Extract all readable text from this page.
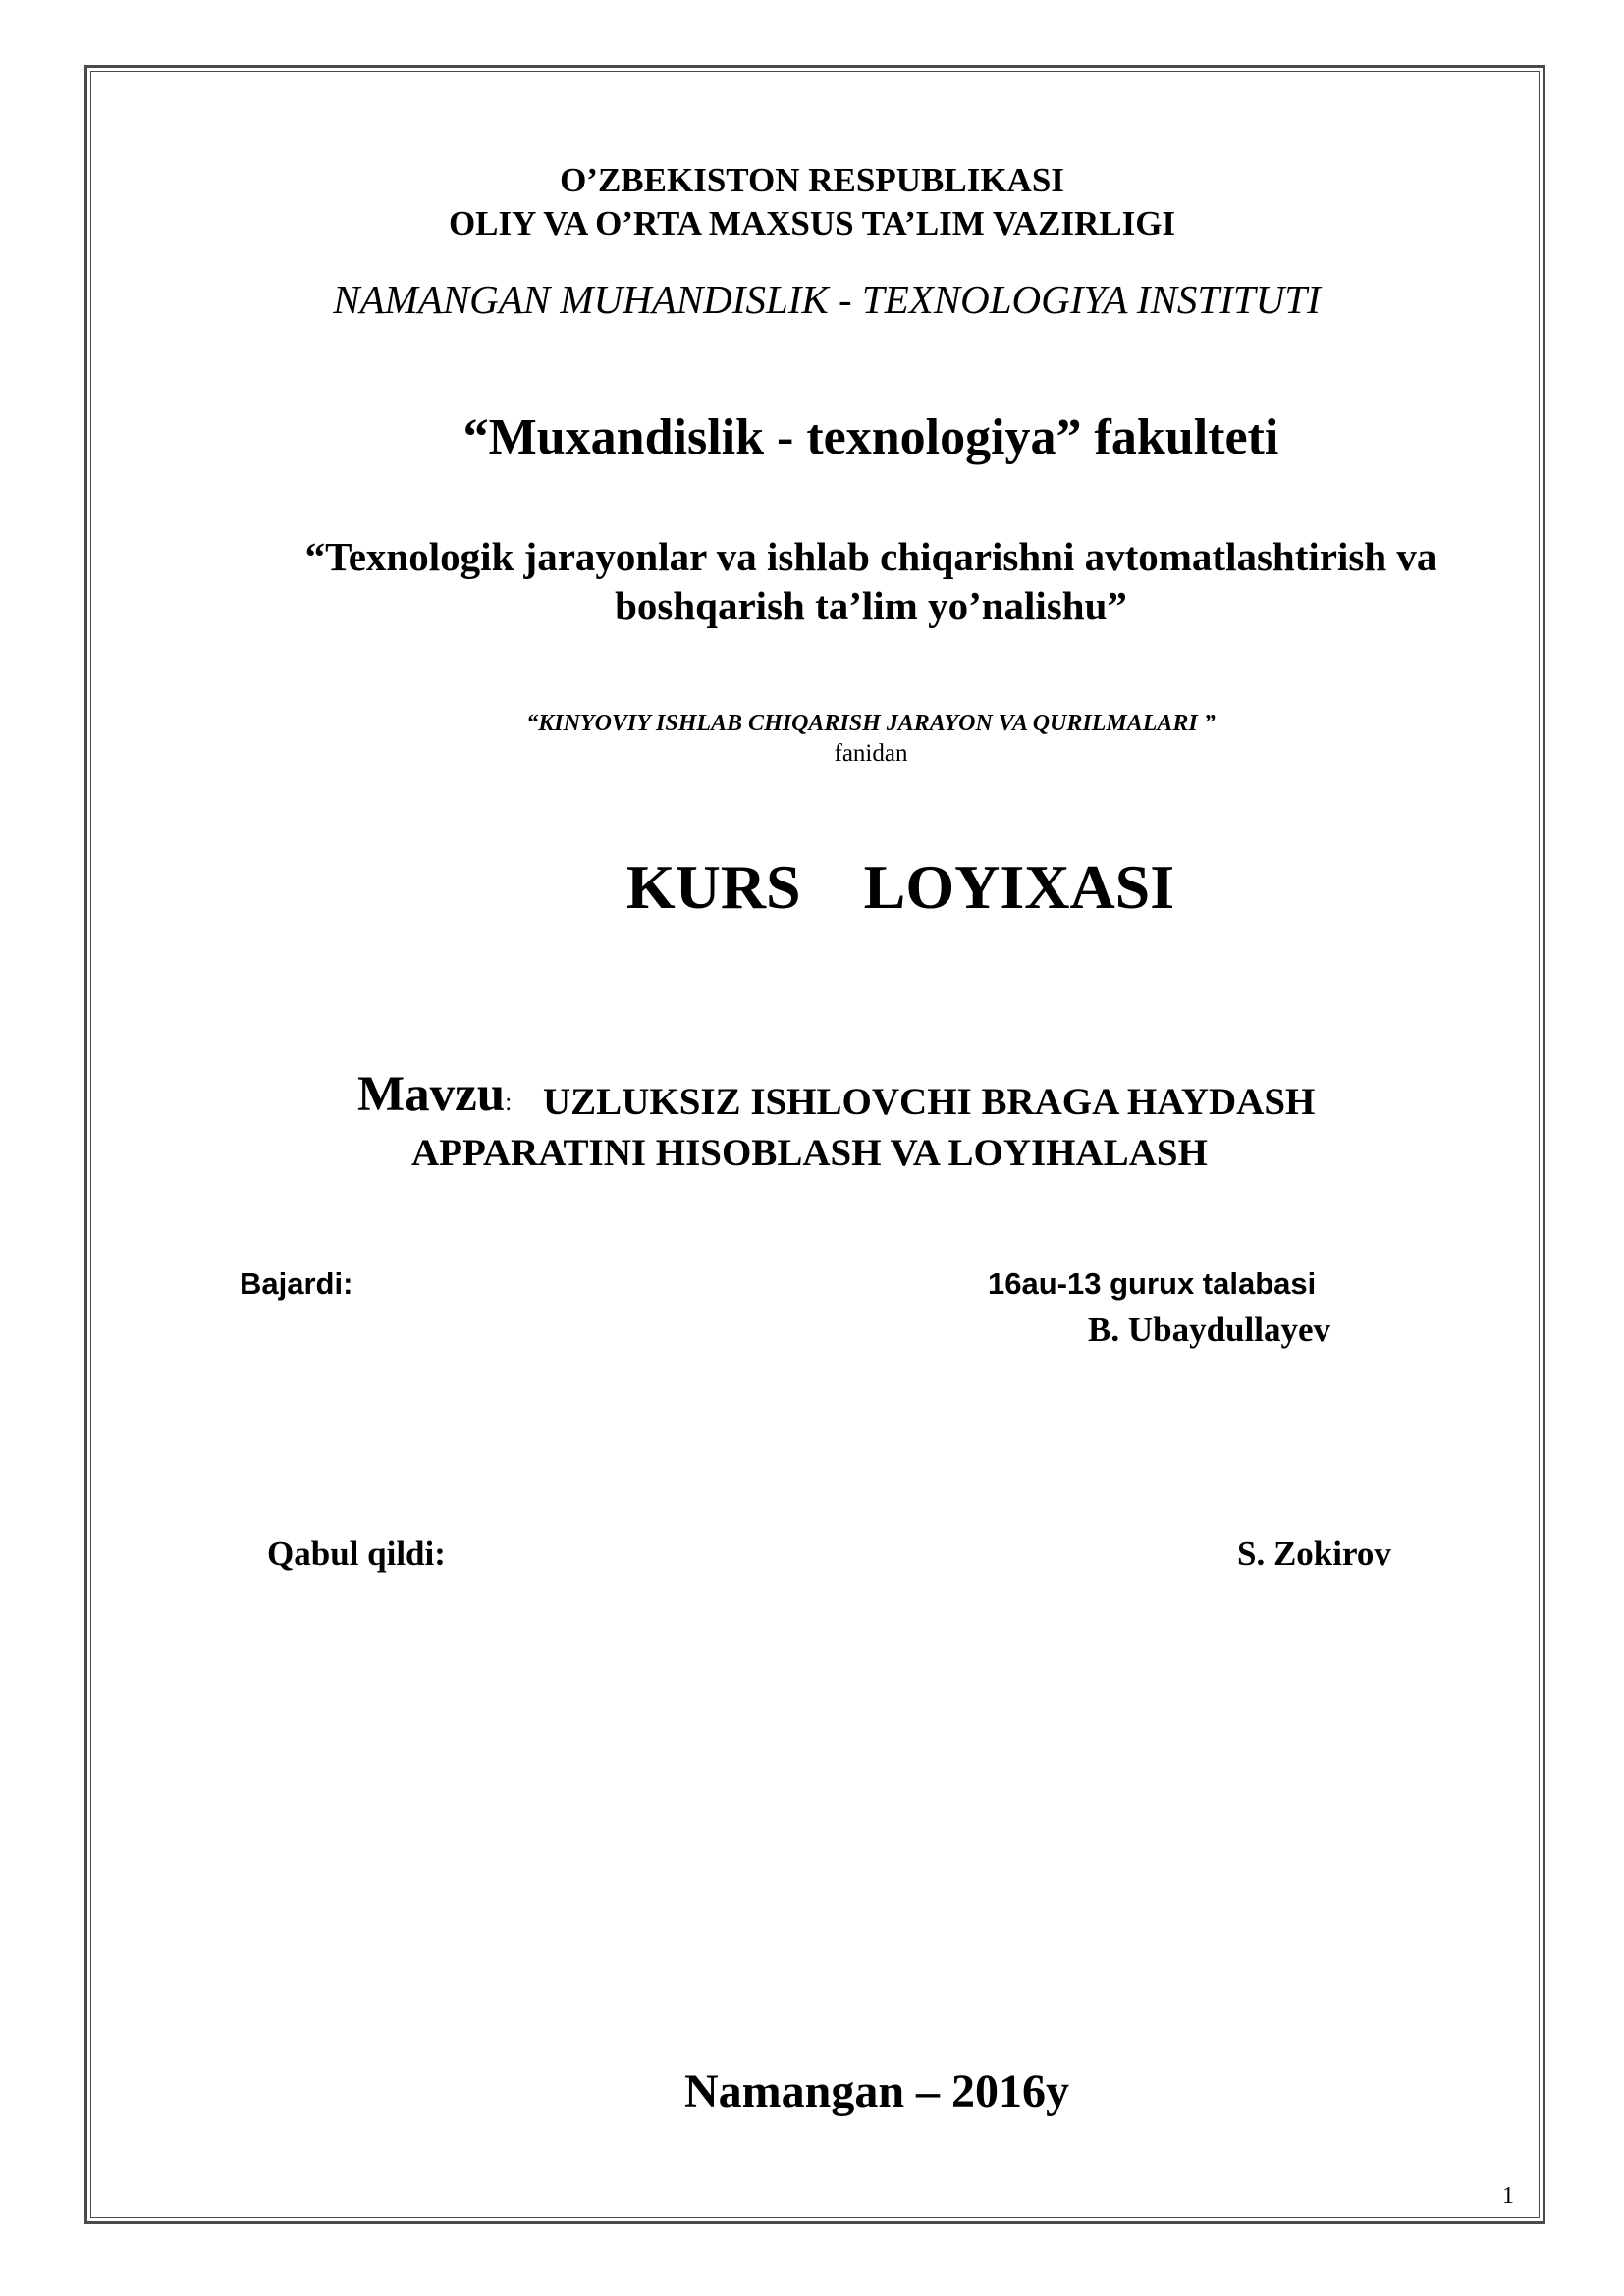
O’ZBEKISTON RESPUBLIKASI
OLIY VA O’RTA MAXSUS TA’LIM VAZIRLIGI
NAMANGAN MUHANDISLIK - TEXNOLOGIYA INSTITUTI
“Muxandislik - texnologiya” fakulteti
“Texnologik jarayonlar va ishlab chiqarishni avtomatlashtirish va
boshqarish ta’lim yo’nalishu”
“KINYOVIY ISHLAB CHIQARISH JARAYON VA QURILMALARI ”
fanidan
KURS    LOYIXASI
Mavzu: UZLUKSIZ ISHLOVCHI BRAGA HAYDASH
APPARATINI HISOBLASH VA LOYIHALASH
Bajardi:	16au-13 gurux talabasi
B. Ubaydullayev
Qabul qildi:	S. Zokirov
Namangan – 2016y
1
